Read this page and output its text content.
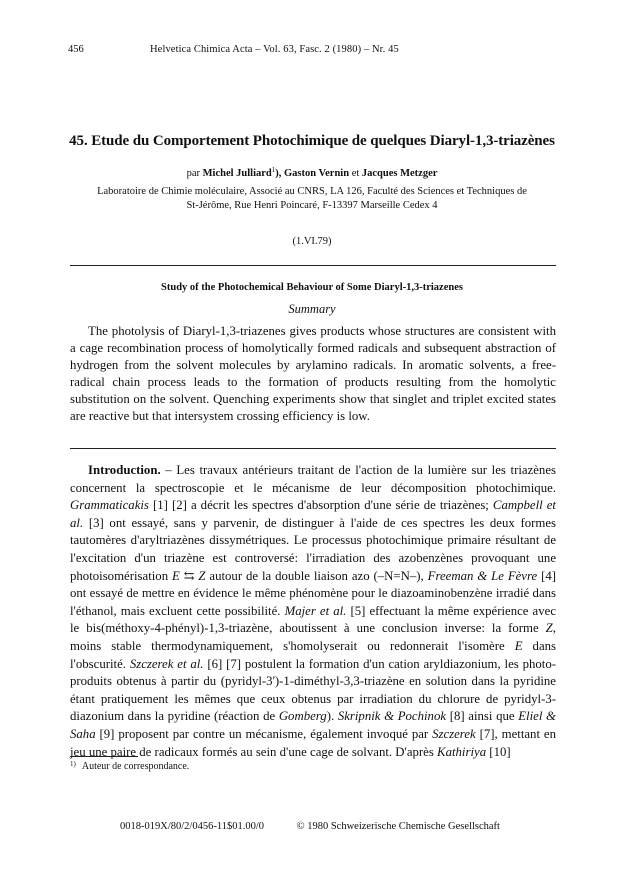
456	Helvetica Chimica Acta – Vol. 63, Fasc. 2 (1980) – Nr. 45
45. Etude du Comportement Photochimique de quelques Diaryl-1,3-triazènes
par Michel Julliard$^1$), Gaston Vernin et Jacques Metzger
Laboratoire de Chimie moléculaire, Associé au CNRS, LA 126, Faculté des Sciences et Techniques de
St-Jérôme, Rue Henri Poincaré, F-13397 Marseille Cedex 4
(1.VI.79)
Study of the Photochemical Behaviour of Some Diaryl-1,3-triazenes
Summary

The photolysis of Diaryl-1,3-triazenes gives products whose structures are consistent with a cage recombination process of homolytically formed radicals and subsequent abstraction of hydrogen from the solvent molecules by arylamino radicals. In aromatic solvents, a free-radical chain process leads to the formation of products resulting from the homolytic substitution on the solvent. Quenching experiments show that singlet and triplet excited states are reactive but that intersystem crossing efficiency is low.

Introduction. – Les travaux antérieurs traitant de l'action de la lumière sur les triazènes concernent la spectroscopie et le mécanisme de leur décomposition photochimique. Grammaticakis [1] [2] a décrit les spectres d'absorption d'une série de triazènes; Campbell et al. [3] ont essayé, sans y parvenir, de distinguer à l'aide de ces spectres les deux formes tautomères d'aryltriazènes dissymétriques. Le processus photochimique primaire résultant de l'excitation d'un triazène est controversé: l'irradiation des azobenzènes provoquant une photoisomérisation E ⇆ Z autour de la double liaison azo (–N=N–), Freeman & Le Fèvre [4] ont essayé de mettre en évidence le même phénomène pour le diazoaminobenzène irradié dans l'éthanol, mais excluent cette possibilité. Majer et al. [5] effectuant la même expérience avec le bis(méthoxy-4-phényl)-1,3-triazène, aboutissent à une conclusion inverse: la forme Z, moins stable thermodynamiquement, s'homolyserait ou redonnerait l'isomère E dans l'obscurité. Szczerek et al. [6] [7] postulent la formation d'un cation aryldiazonium, les photo-produits obtenus à partir du (pyridyl-3')-1-diméthyl-3,3-triazène en solution dans la pyridine étant pratiquement les mêmes que ceux obtenus par irradiation du chlorure de pyridyl-3-diazonium dans la pyridine (réaction de Gomberg). Skripnik & Pochinok [8] ainsi que Eliel & Saha [9] proposent par contre un mécanisme, également invoqué par Szczerek [7], mettant en jeu une paire de radicaux formés au sein d'une cage de solvant. D'après Kathiriya [10]

$^{1)}$ Auteur de correspondance.
0018-019X/80/2/0456-11$01.00/0	© 1980 Schweizerische Chemische Gesellschaft
